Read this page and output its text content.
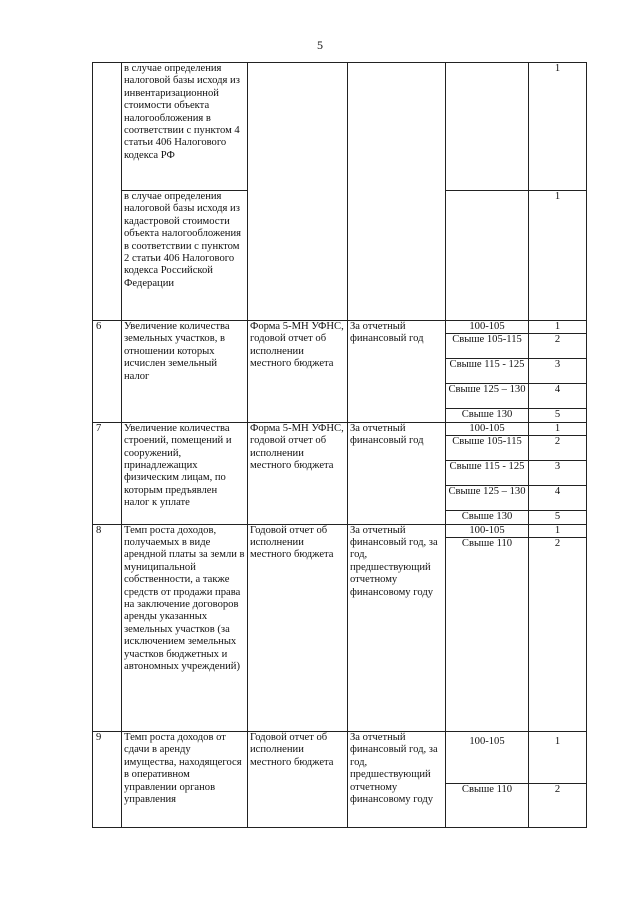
5
	в случае определения налоговой базы исходя из инвентаризационной стоимости объекта налогообложения в соответствии с пунктом 4 статьи 406 Налогового кодекса РФ				1
	в случае определения налоговой базы исходя из кадастровой стоимости объекта налогообложения в соответствии с пунктом 2 статьи 406 Налогового кодекса Российской Федерации				1
6	Увеличение количества земельных участков, в отношении которых исчислен земельный налог	Форма 5-МН УФНС, годовой отчет об исполнении местного бюджета	За отчетный финансовый год	100-105	1
				Свыше 105-115	2
				Свыше 115 - 125	3
				Свыше 125 – 130	4
				Свыше 130	5
7	Увеличение количества строений, помещений и сооружений, принадлежащих физическим лицам, по которым предъявлен налог к уплате	Форма 5-МН УФНС, годовой отчет об исполнении местного бюджета	За отчетный финансовый год	100-105	1
				Свыше 105-115	2
				Свыше 115 - 125	3
				Свыше 125 – 130	4
				Свыше 130	5
8	Темп роста доходов, получаемых в виде арендной платы за земли в муниципальной собственности, а также средств от продажи права на заключение договоров аренды указанных земельных участков (за исключением земельных участков бюджетных и автономных учреждений)	Годовой отчет об исполнении местного бюджета	За отчетный финансовый год, за год, предшествующий отчетному финансовому году	100-105	1
				Свыше 110	2
9	Темп роста доходов от сдачи в аренду имущества, находящегося в оперативном управлении органов управления	Годовой отчет об исполнении местного бюджета	За отчетный финансовый год, за год, предшествующий отчетному финансовому году	100-105	1
				Свыше 110	2
